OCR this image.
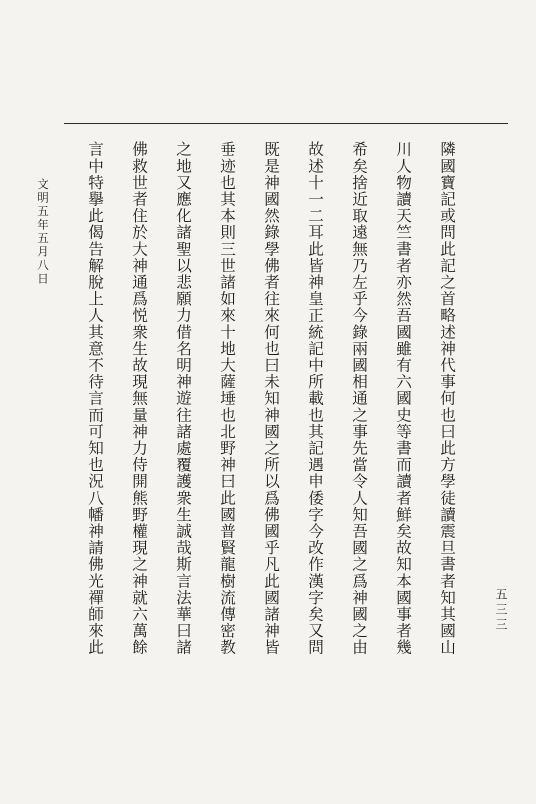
文明五年五月八日	隣國寶記或問此記之首略述神代事何也曰此方學徒讀震旦書者知其國山

川人物讀天竺書者亦然吾國雖有六國史等書而讀者鮮矣故知本國事者幾

希矣捨近取遠無乃左乎今錄兩國相通之事先當令人知吾國之爲神國之由

故述十一二耳此皆神皇正統記中所載也其記遇申倭字今改作漢字矣又問

既是神國然錄學佛者往來何也曰未知神國之所以爲佛國乎凡此國諸神皆

垂迹也其本則三世諸如來十地大薩埵也北野神曰此國普賢龍樹流傳密教

之地又應化諸聖以悲願力借名明神遊往諸處覆護衆生誠哉斯言法華曰諸

佛救世者住於大神通爲悦衆生故現無量神力侍開熊野權現之神就六萬餘

言中特擧此偈告解脫上人其意不待言而可知也況八幡神請佛光禪師來此	五三三
